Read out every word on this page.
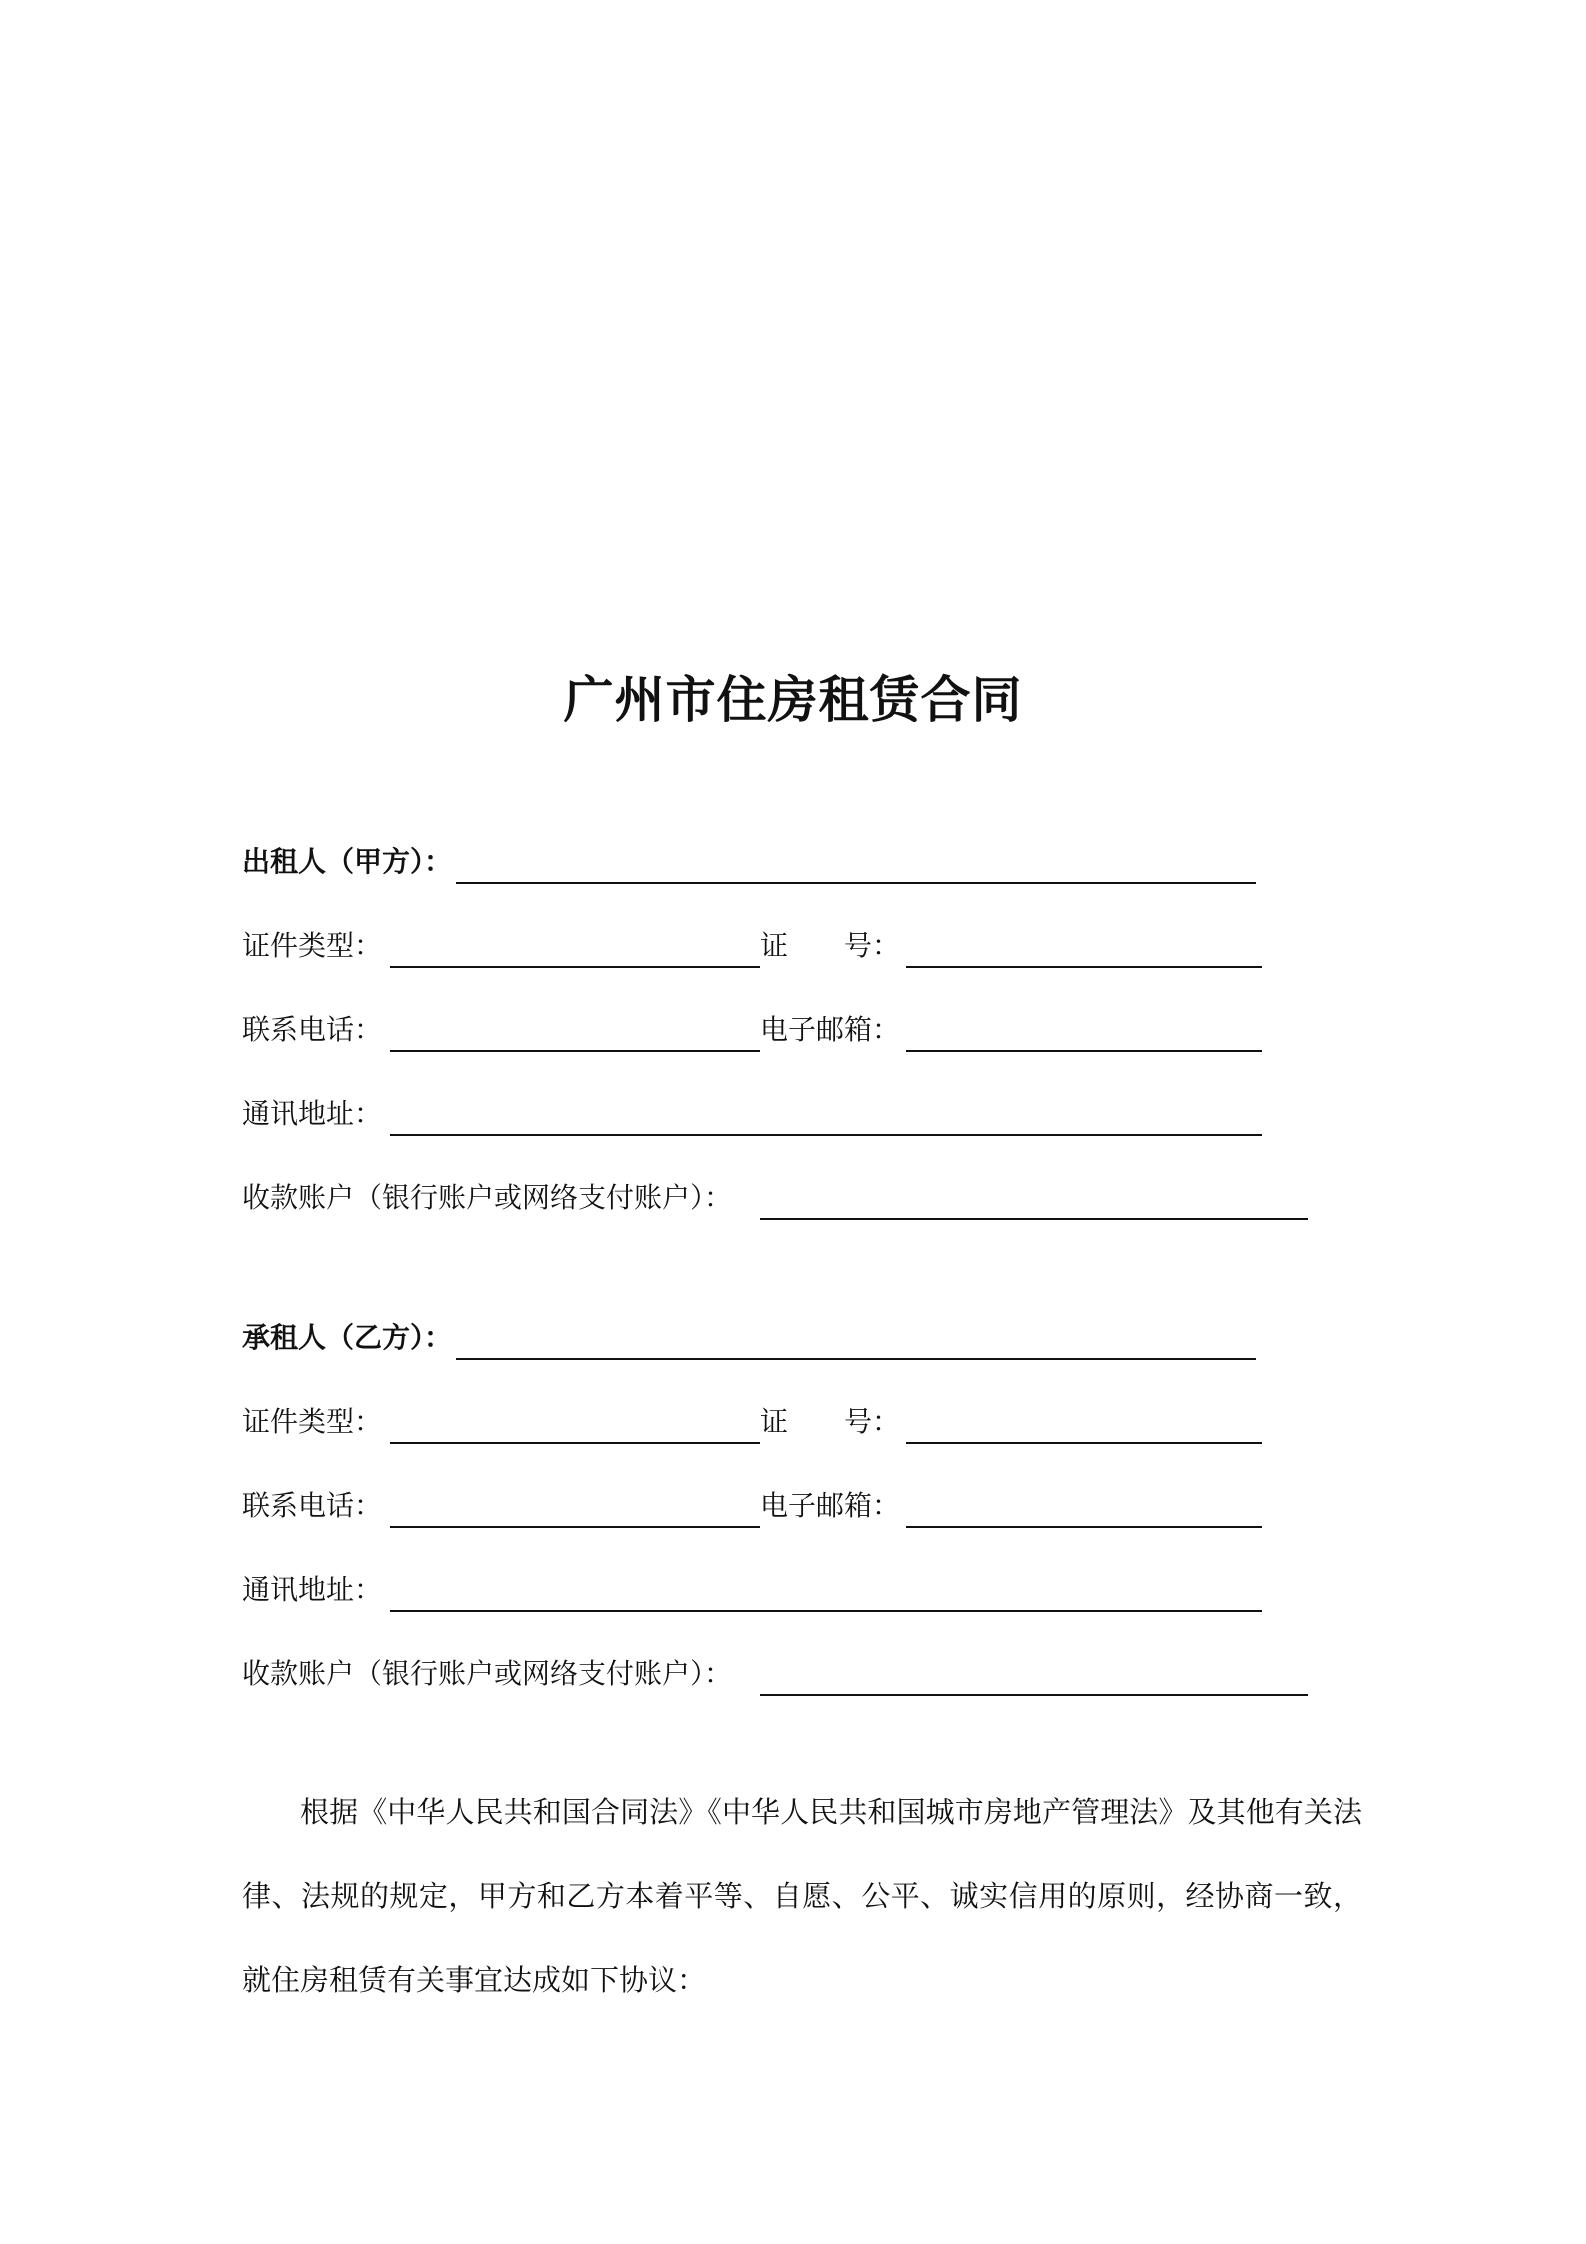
广州市住房租赁合同
出租人（甲方）：
证件类型：	证　　号：
联系电话：	电子邮箱：
通讯地址：
收款账户（银行账户或网络支付账户）：
承租人（乙方）：
证件类型：	证　　号：
联系电话：	电子邮箱：
通讯地址：
收款账户（银行账户或网络支付账户）：
根据《中华人民共和国合同法》《中华人民共和国城市房地产管理法》及其他有关法律、法规的规定，甲方和乙方本着平等、自愿、公平、诚实信用的原则，经协商一致，就住房租赁有关事宜达成如下协议：
